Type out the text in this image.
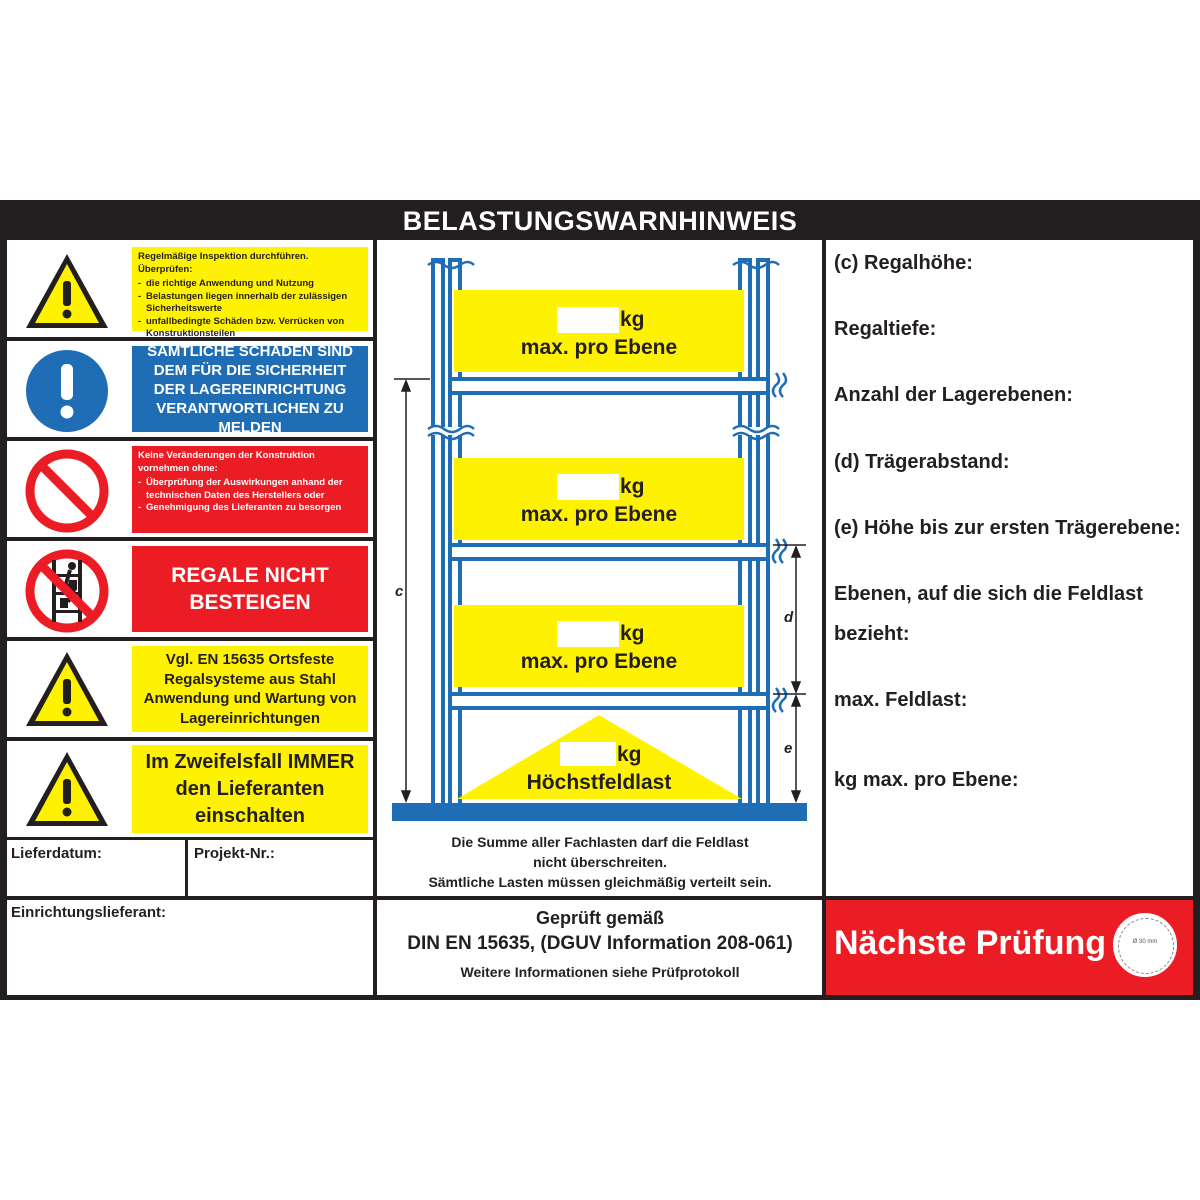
BELASTUNGSWARNHINWEIS
Regelmäßige Inspektion durchführen. Überprüfen:
- die richtige Anwendung und Nutzung
- Belastungen liegen innerhalb der zulässigen Sicherheitswerte
- unfallbedingte Schäden bzw. Verrücken von Konstruktionsteilen
SÄMTLICHE SCHÄDEN SIND DEM FÜR DIE SICHERHEIT DER LAGEREINRICHTUNG VERANTWORTLICHEN ZU MELDEN
Keine Veränderungen der Konstruktion vornehmen ohne:
- Überprüfung der Auswirkungen anhand der technischen Daten des Herstellers oder
- Genehmigung des Lieferanten zu besorgen
REGALE NICHT BESTEIGEN
Vgl. EN 15635 Ortsfeste Regalsysteme aus Stahl Anwendung und Wartung von Lagereinrichtungen
Im Zweifelsfall IMMER den Lieferanten einschalten
Lieferdatum:	Projekt-Nr.:
Einrichtungslieferant:
c
d
e
kg
max. pro Ebene
kg
max. pro Ebene
kg
max. pro Ebene
kg
Höchstfeldlast
Die Summe aller Fachlasten darf die Feldlast
nicht überschreiten.
Sämtliche Lasten müssen gleichmäßig verteilt sein.
(c) Regalhöhe:
Regaltiefe:
Anzahl der Lagerebenen:
(d) Trägerabstand:
(e) Höhe bis zur ersten Trägerebene:
Ebenen, auf die sich die Feldlast
bezieht:
max. Feldlast:
kg max. pro Ebene:
Geprüft gemäß
DIN EN 15635, (DGUV Information 208-061)
Weitere Informationen siehe Prüfprotokoll
Nächste Prüfung	Ø 30 mm
